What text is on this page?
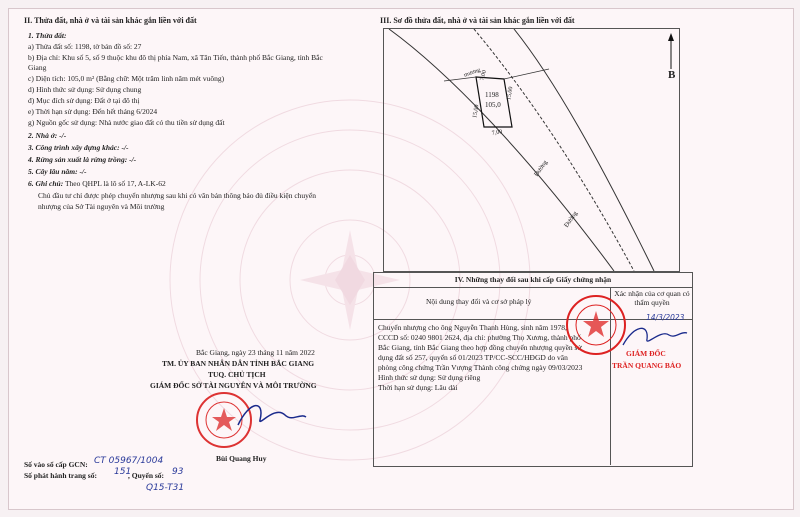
II. Thửa đất, nhà ở và tài sản khác gắn liền với đất
1. Thửa đất:
a) Thửa đất số: 1198, tờ bản đồ số: 27
b) Địa chỉ: Khu số 5, số 9 thuộc khu đô thị phía Nam, xã Tân Tiến, thành phố Bắc Giang, tỉnh Bắc
Giang
c) Diện tích: 105,0 m² (Bằng chữ: Một trăm linh năm mét vuông)
d) Hình thức sử dụng: Sử dụng chung
đ) Mục đích sử dụng: Đất ở tại đô thị
e) Thời hạn sử dụng: Đến hết tháng 6/2024
g) Nguồn gốc sử dụng: Nhà nước giao đất có thu tiền sử dụng đất
2. Nhà ở: -/-
3. Công trình xây dựng khác: -/-
4. Rừng sản xuất là rừng trồng: -/-
5. Cây lâu năm: -/-
6. Ghi chú: Theo QHPL là lô số 17, A-LK-62
Chủ đầu tư chỉ được phép chuyển nhượng sau khi có văn bản thông báo đủ điều kiện chuyển
nhượng của Sở Tài nguyên và Môi trường
Bắc Giang, ngày 23 tháng 11 năm 2022
TM. ỦY BAN NHÂN DÂN TỈNH BẮC GIANG
TUQ. CHỦ TỊCH
GIÁM ĐỐC SỞ TÀI NGUYÊN VÀ MÔI TRƯỜNG
Bùi Quang Huy
Số vào sổ cấp GCN: CT 05967/1004
Số phát hành trang số: 151
, Quyển số: 93
Q15-T31
III. Sơ đồ thửa đất, nhà ở và tài sản khác gắn liền với đất
mương
7,00
15,00
15,00
7,00
1198
105,0
Đường
Đường
B
IV. Những thay đổi sau khi cấp Giấy chứng nhận
Nội dung thay đổi và cơ sở pháp lý
Xác nhận của cơ quan có thẩm quyền
Chuyển nhượng cho ông Nguyễn Thanh Hùng, sinh năm 1978,
CCCD số: 0240 9801 2624, địa chỉ: phường Thọ Xương, thành phố
Bắc Giang, tỉnh Bắc Giang theo hợp đồng chuyển nhượng quyền sử
dụng đất số 257, quyển số 01/2023 TP/CC-SCC/HĐGD do văn
phòng công chứng Trần Vượng Thành công chứng ngày 09/03/2023
Hình thức sử dụng: Sử dụng riêng
Thời hạn sử dụng: Lâu dài
14/3/2023
GIÁM ĐỐC
TRẦN QUANG BẢO
